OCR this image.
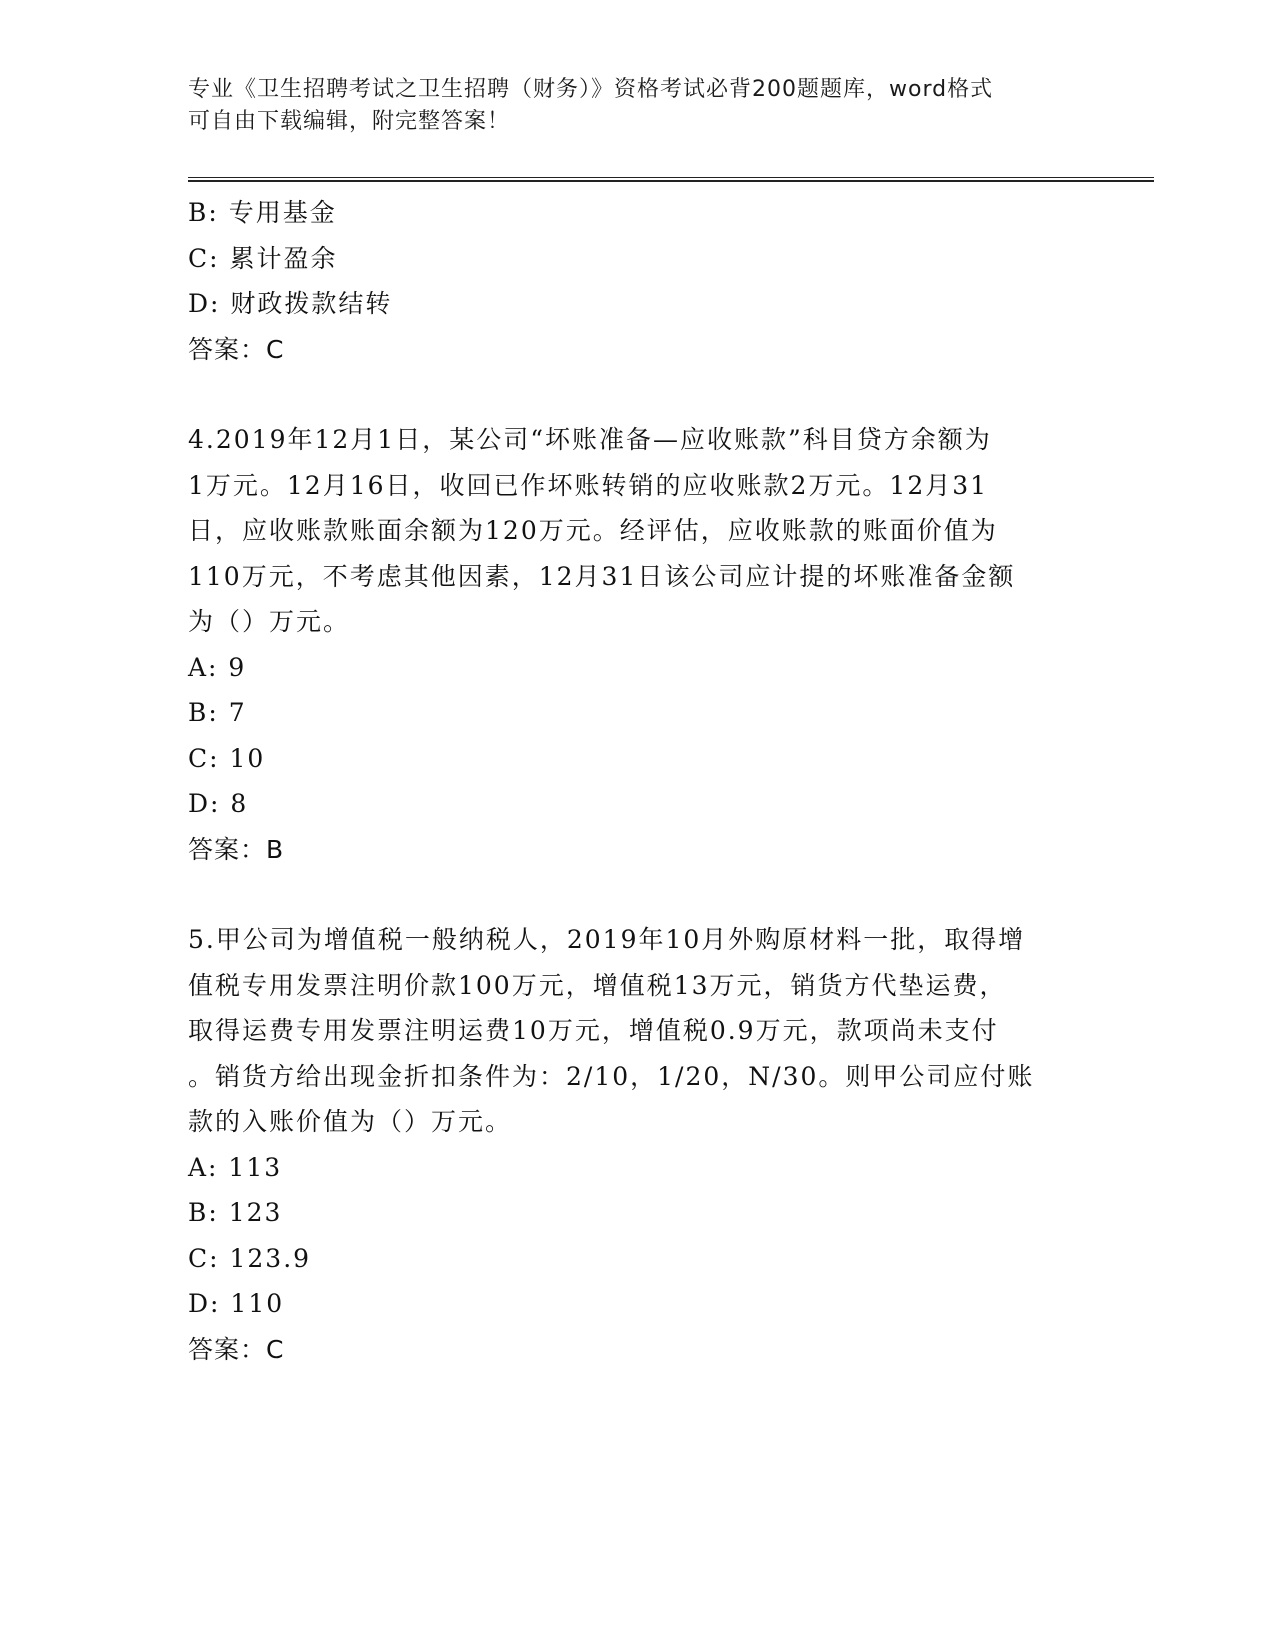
专业《卫生招聘考试之卫生招聘（财务）》资格考试必背200题题库，word格式
可自由下载编辑，附完整答案！
B: 专用基金
C: 累计盈余
D: 财政拨款结转
答案：C
4.2019年12月1日，某公司“坏账准备—应收账款”科目贷方余额为
1万元。12月16日，收回已作坏账转销的应收账款2万元。12月31
日，应收账款账面余额为120万元。经评估，应收账款的账面价值为
110万元，不考虑其他因素，12月31日该公司应计提的坏账准备金额
为（）万元。
A: 9
B: 7
C: 10
D: 8
答案：B
5.甲公司为增值税一般纳税人，2019年10月外购原材料一批，取得增
值税专用发票注明价款100万元，增值税13万元，销货方代垫运费，
取得运费专用发票注明运费10万元，增值税0.9万元，款项尚未支付
。销货方给出现金折扣条件为：2/10，1/20，N/30。则甲公司应付账
款的入账价值为（）万元。
A: 113
B: 123
C: 123.9
D: 110
答案：C
